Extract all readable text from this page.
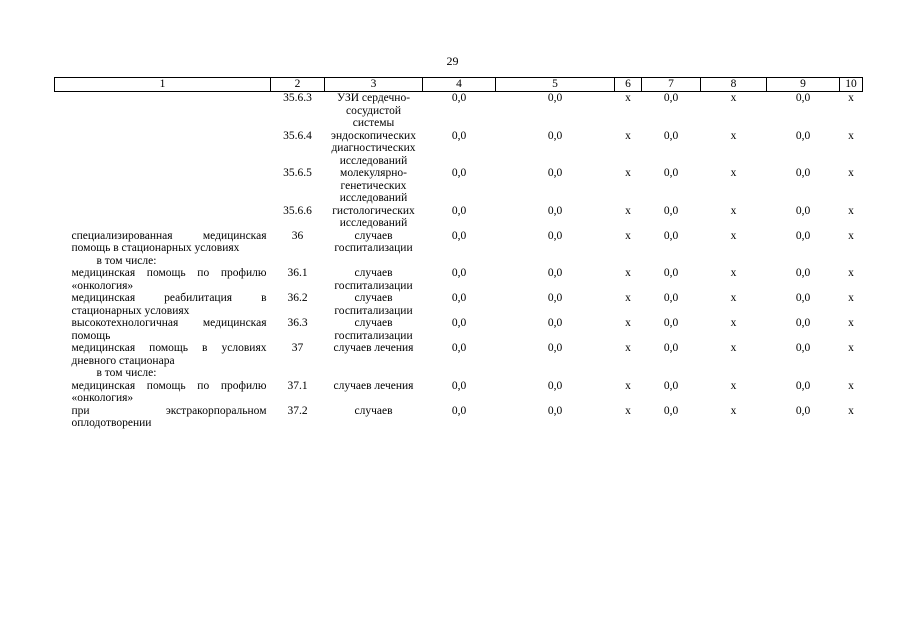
29
1	2	3	4	5	6	7	8	9	10
	35.6.3	УЗИ сердечно-сосудистой системы	0,0	0,0	x	0,0	x	0,0	x
	35.6.4	эндоскопических диагностических исследований	0,0	0,0	x	0,0	x	0,0	x
	35.6.5	молекулярно-генетических исследований	0,0	0,0	x	0,0	x	0,0	x
	35.6.6	гистологических исследований	0,0	0,0	x	0,0	x	0,0	x
специализированная медицинская помощь в стационарных условиях	36	случаев госпитализации	0,0	0,0	x	0,0	x	0,0	x
в том числе:									
медицинская помощь по профилю «онкология»	36.1	случаев госпитализации	0,0	0,0	x	0,0	x	0,0	x
медицинская реабилитация в стационарных условиях	36.2	случаев госпитализации	0,0	0,0	x	0,0	x	0,0	x
высокотехнологичная медицинская помощь	36.3	случаев госпитализации	0,0	0,0	x	0,0	x	0,0	x
медицинская помощь в условиях дневного стационара	37	случаев лечения	0,0	0,0	x	0,0	x	0,0	x
в том числе:									
медицинская помощь по профилю «онкология»	37.1	случаев лечения	0,0	0,0	x	0,0	x	0,0	x
при экстракорпоральном оплодотворении	37.2	случаев	0,0	0,0	x	0,0	x	0,0	x
